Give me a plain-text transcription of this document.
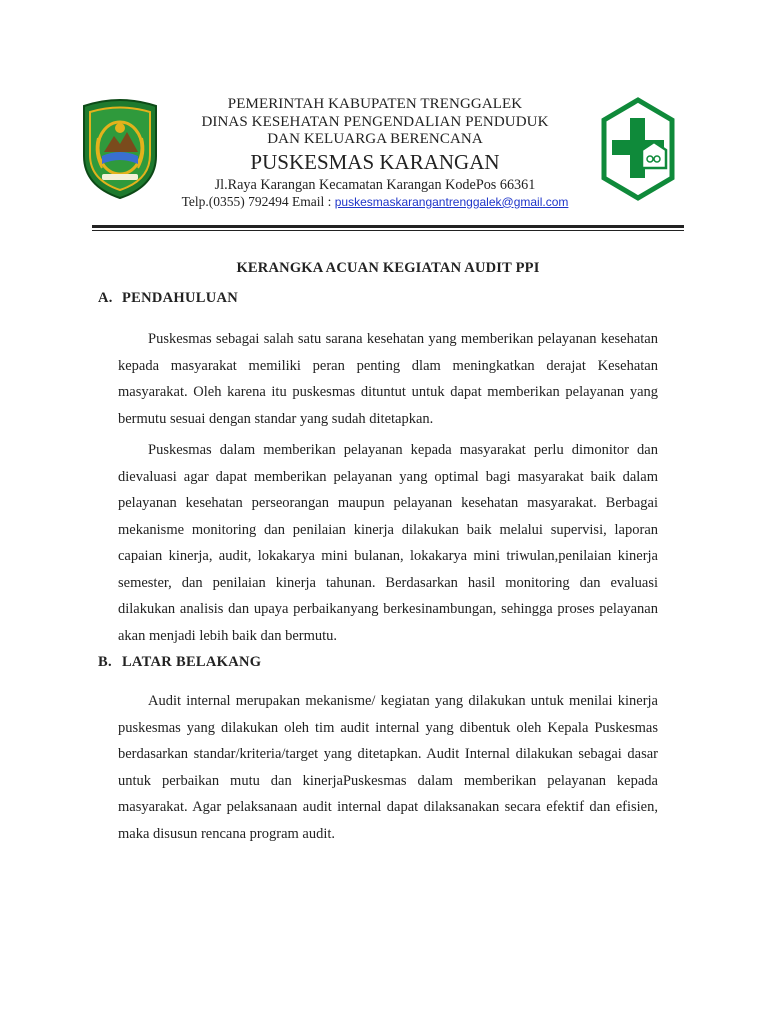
PEMERINTAH KABUPATEN TRENGGALEK
DINAS KESEHATAN PENGENDALIAN PENDUDUK
DAN KELUARGA BERENCANA
PUSKESMAS KARANGAN
Jl.Raya Karangan Kecamatan Karangan KodePos 66361
Telp.(0355) 792494 Email : puskesmaskarangantrenggalek@gmail.com
KERANGKA ACUAN KEGIATAN AUDIT PPI
A. PENDAHULUAN
Puskesmas sebagai salah satu sarana kesehatan yang memberikan pelayanan kesehatan kepada masyarakat memiliki peran penting dlam meningkatkan derajat Kesehatan masyarakat. Oleh karena itu puskesmas dituntut untuk dapat memberikan pelayanan yang bermutu sesuai dengan standar yang sudah ditetapkan.
Puskesmas dalam memberikan pelayanan kepada masyarakat perlu dimonitor dan dievaluasi agar dapat memberikan pelayanan yang optimal bagi masyarakat baik dalam pelayanan kesehatan perseorangan maupun pelayanan kesehatan masyarakat. Berbagai mekanisme monitoring dan penilaian kinerja dilakukan baik melalui supervisi, laporan capaian kinerja, audit, lokakarya mini bulanan, lokakarya mini triwulan,penilaian kinerja semester, dan penilaian kinerja tahunan. Berdasarkan hasil monitoring dan evaluasi dilakukan analisis dan upaya perbaikanyang berkesinambungan, sehingga proses pelayanan akan menjadi lebih baik dan bermutu.
B. LATAR BELAKANG
Audit internal merupakan mekanisme/ kegiatan yang dilakukan untuk menilai kinerja puskesmas yang dilakukan oleh tim audit internal yang dibentuk oleh Kepala Puskesmas berdasarkan standar/kriteria/target yang ditetapkan. Audit Internal dilakukan sebagai dasar untuk perbaikan mutu dan kinerjaPuskesmas dalam memberikan pelayanan kepada masyarakat. Agar pelaksanaan audit internal dapat dilaksanakan secara efektif dan efisien, maka disusun rencana program audit.
